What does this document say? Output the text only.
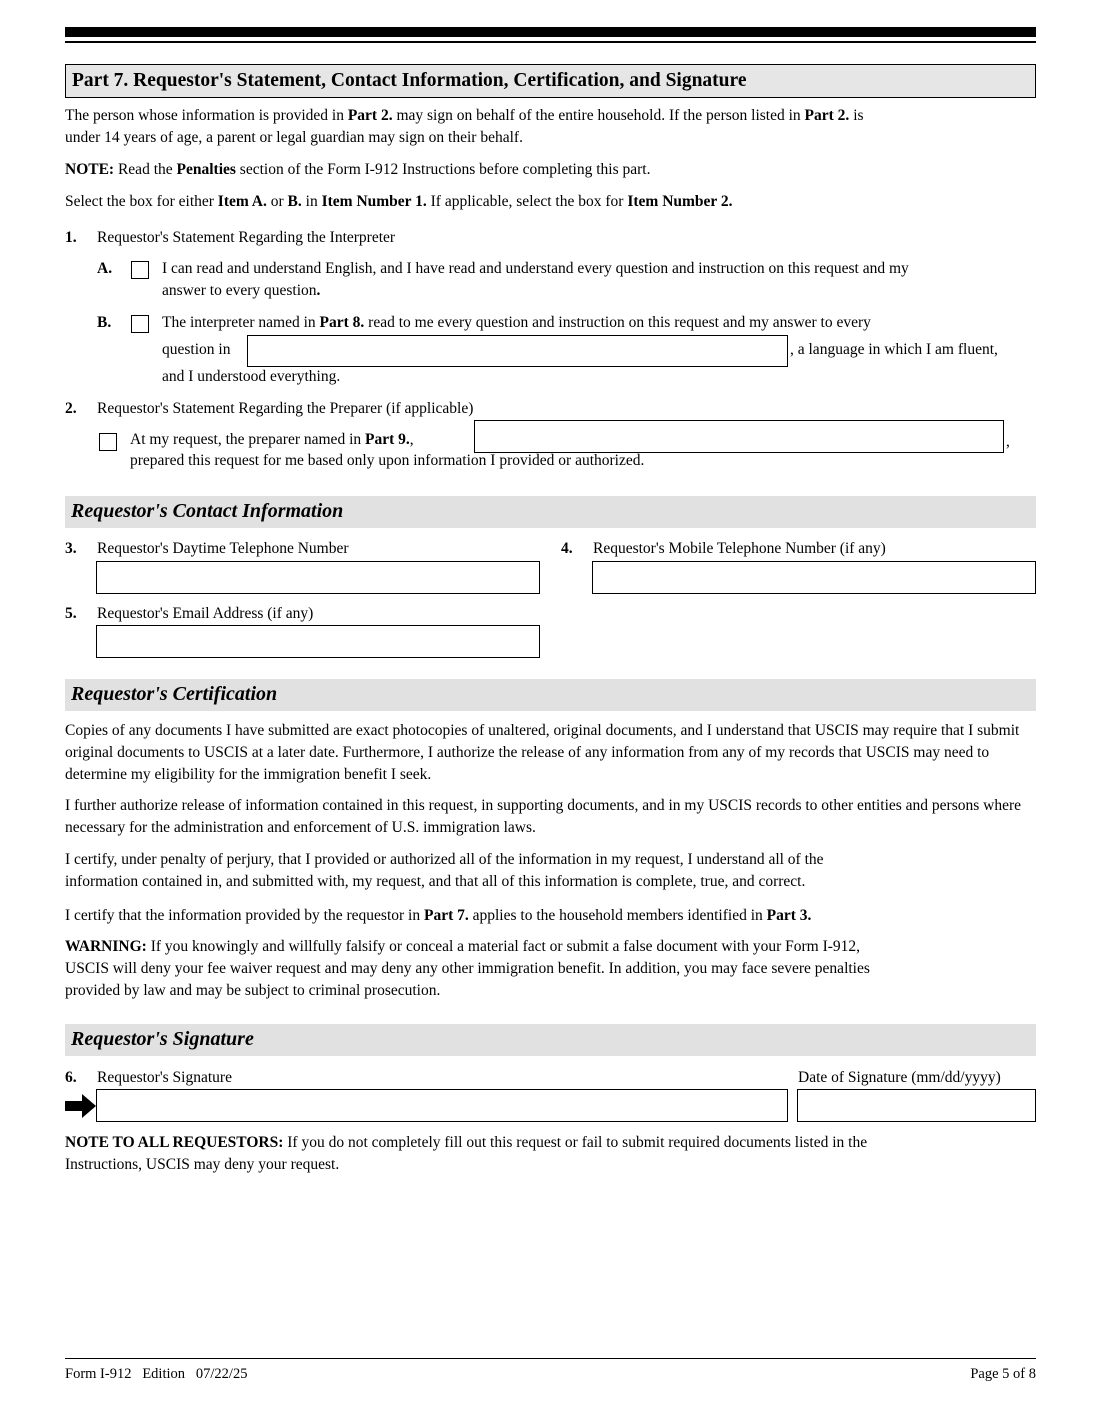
Part 7. Requestor's Statement, Contact Information, Certification, and Signature
The person whose information is provided in Part 2. may sign on behalf of the entire household. If the person listed in Part 2. is
under 14 years of age, a parent or legal guardian may sign on their behalf.
NOTE: Read the Penalties section of the Form I-912 Instructions before completing this part.
Select the box for either Item A. or B. in Item Number 1. If applicable, select the box for Item Number 2.
1. Requestor's Statement Regarding the Interpreter
A.	I can read and understand English, and I have read and understand every question and instruction on this request and my
answer to every question.
B.	The interpreter named in Part 8. read to me every question and instruction on this request and my answer to every
question in	, a language in which I am fluent,
and I understood everything.
2. Requestor's Statement Regarding the Preparer (if applicable)
At my request, the preparer named in Part 9.,	,
prepared this request for me based only upon information I provided or authorized.
Requestor's Contact Information
3. Requestor's Daytime Telephone Number	4. Requestor's Mobile Telephone Number (if any)
5. Requestor's Email Address (if any)
Requestor's Certification
Copies of any documents I have submitted are exact photocopies of unaltered, original documents, and I understand that USCIS may require that I submit original documents to USCIS at a later date. Furthermore, I authorize the release of any information from any of my records that USCIS may need to determine my eligibility for the immigration benefit I seek.
I further authorize release of information contained in this request, in supporting documents, and in my USCIS records to other entities and persons where necessary for the administration and enforcement of U.S. immigration laws.
I certify, under penalty of perjury, that I provided or authorized all of the information in my request, I understand all of the
information contained in, and submitted with, my request, and that all of this information is complete, true, and correct.
I certify that the information provided by the requestor in Part 7. applies to the household members identified in Part 3.
WARNING: If you knowingly and willfully falsify or conceal a material fact or submit a false document with your Form I-912,
USCIS will deny your fee waiver request and may deny any other immigration benefit. In addition, you may face severe penalties
provided by law and may be subject to criminal prosecution.
Requestor's Signature
6. Requestor's Signature	Date of Signature (mm/dd/yyyy)
NOTE TO ALL REQUESTORS: If you do not completely fill out this request or fail to submit required documents listed in the
Instructions, USCIS may deny your request.
Form I-912   Edition   07/22/25	Page 5 of 8
